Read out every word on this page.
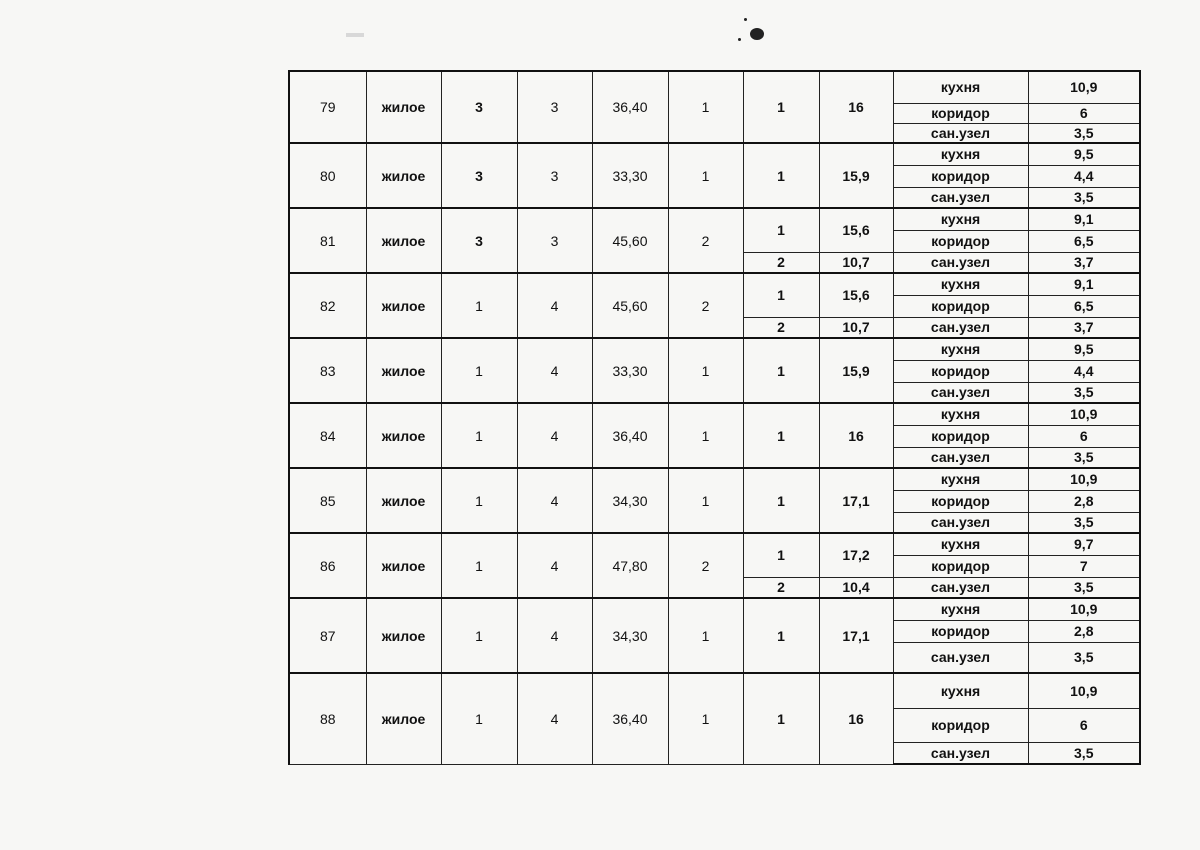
79	жилое	3	3	36,40	1	1	16	кухня	10,9
								коридор	6
								сан.узел	3,5
80	жилое	3	3	33,30	1	1	15,9	кухня	9,5
								коридор	4,4
								сан.узел	3,5
81	жилое	3	3	45,60	2	1	15,6	кухня	9,1
								коридор	6,5
						2	10,7	сан.узел	3,7
82	жилое	1	4	45,60	2	1	15,6	кухня	9,1
								коридор	6,5
						2	10,7	сан.узел	3,7
83	жилое	1	4	33,30	1	1	15,9	кухня	9,5
								коридор	4,4
								сан.узел	3,5
84	жилое	1	4	36,40	1	1	16	кухня	10,9
								коридор	6
								сан.узел	3,5
85	жилое	1	4	34,30	1	1	17,1	кухня	10,9
								коридор	2,8
								сан.узел	3,5
86	жилое	1	4	47,80	2	1	17,2	кухня	9,7
								коридор	7
						2	10,4	сан.узел	3,5
87	жилое	1	4	34,30	1	1	17,1	кухня	10,9
								коридор	2,8
								сан.узел	3,5
88	жилое	1	4	36,40	1	1	16	кухня	10,9
								коридор	6
								сан.узел	3,5
